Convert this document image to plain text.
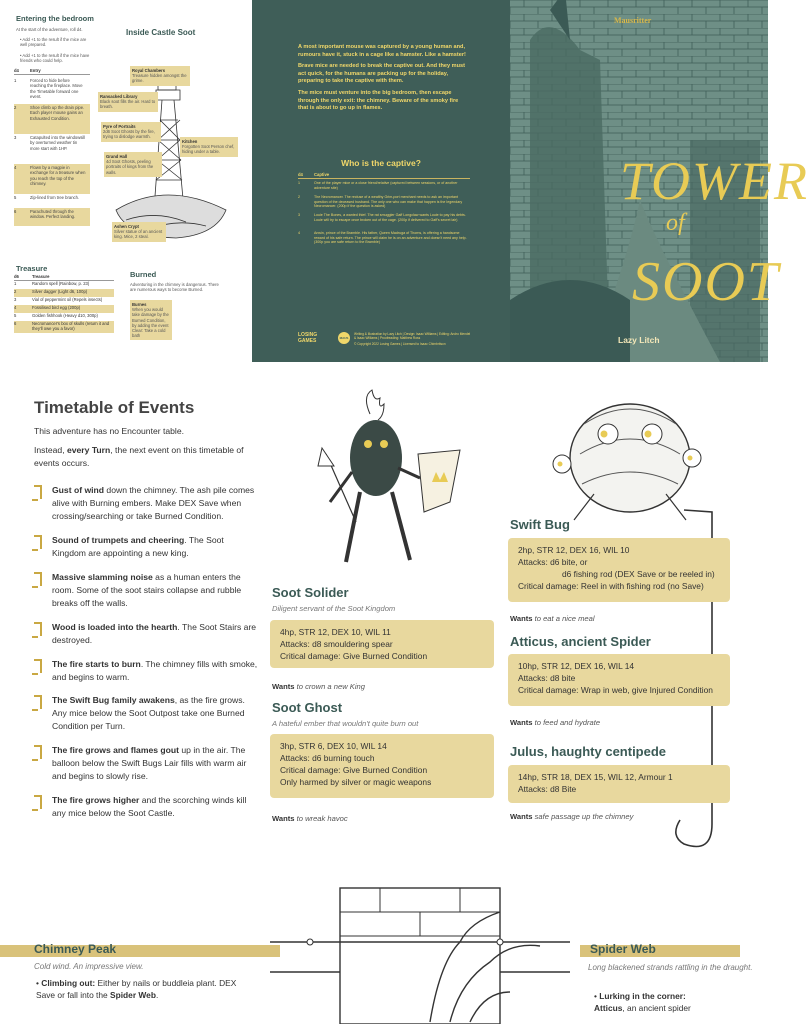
Entering the bedroom
At the start of the adventure, roll d4.
• Add +1 to the result if the mice are well prepared.
• Add +1 to the result if the mice have friends who could help.
d4	Entry
1	Forced to hide before reaching the fireplace. Move the Timetable forward one event.
2	Shoe climb up the drain pipe. Each player mouse gains an Exhausted Condition.
3	Catapulted into the windowsill by overturned weather tin more start with 1HP.
4	Flown by a magpie in exchange for a treasure when you reach the top of the chimney.
5	Zip-lined from tree branch.
6	Parachuted through the window. Perfect landing.
Inside Castle Soot
Royal Chambers
Treasure hidden amongst the grime.
Ransacked Library
Black soot fills the air. Hard to breath.
Pyre of Portraits
2d6 Soot Ghosts by the fire, trying to dislodge warmth.
Kitchen
Forgotten Soot Person chef, hiding under a table.
Grand Hall
4d Soot Ghosts, peeling portraits of kings from the walls.
Ashen Crypt
Silver statue of an ancient king. Mice, 2 steal.
Treasure
d6	Treasure
1	Random spell (Rainbow, p. 23)
2	Silver dagger (Light d6, 100p)
3	Vial of peppermint oil (Repels insects)
4	Fossilised bird egg (200p)
5	Golden fishhook (Heavy d10, 300p)
6	Necromancer's box of skulls (return it and they'll owe you a favor)
Burned
Adventuring in the chimney is dangerous. There are numerous ways to become Burned.
Burnes
When you would take damage by the Burned Condition, by adding the event
Clear: Take a cold bath

A most important mouse was captured by a young human and, rumours have it, stuck in a cage like a hamster. Like a hamster!

Brave mice are needed to break the captive out. And they must act quick, for the humans are packing up for the holiday, preparing to take the captive with them.

The mice must venture into the big bedroom, then escape through the only exit: the chimney. Beware of the smoky fire that is about to go up in flames.

Who is the captive?
d4	Captive
1	One of the player mice or a close friend/relative (captured between sessions, or of another adventure site)
2	The Necromancer. The recluse of a wealthy Grim-port merchant needs to ask an important question of the deceased husband. The only one who can make that happen is the legendary Necromancer. (200p if the question is asked)
3	Louie The Bones, a wanted thief. The rat smuggler Gaff Longclaw wants Louie to pay his debts. Louie will try to escape once broken out of the cage. (200p if delivered to Gaff's secret lair)
4	Anwin, prince of the Bramble. His father, Queen Madruga of Thorns, is offering a handsome reward of his safe return. The prince will claim he is on an adventure and doesn't need any help. (300p you are safe return to the Bramble)
LOSING GAMES	MAUS
Writing & Illustration by Lazy Litch | Design: Isaac Williams | Editing: Andro Mendel & Isaac Williams | Proofreading: Matthew Ross
© Copyright 2022 Losing Games | Licensed to Isaac Chimbritson
Mausritter
TOWER
of
SOOT
Lazy Litch
Timetable of Events
This adventure has no Encounter table.
Instead, every Turn, the next event on this timetable of events occurs.
Gust of wind down the chimney. The ash pile comes alive with Burning embers. Make DEX Save when crossing/searching or take Burned Condition.
Sound of trumpets and cheering. The Soot Kingdom are appointing a new king.
Massive slamming noise as a human enters the room. Some of the soot stairs collapse and rubble breaks off the walls.
Wood is loaded into the hearth. The Soot Stairs are destroyed.
The fire starts to burn. The chimney fills with smoke, and begins to warm.
The Swift Bug family awakens, as the fire grows. Any mice below the Soot Outpost take one Burned Condition per Turn.
The fire grows and flames gout up in the air. The balloon below the Swift Bugs Lair fills with warm air and begins to slowly rise.
The fire grows higher and the scorching winds kill any mice below the Soot Castle.
Soot Solider
Diligent servant of the Soot Kingdom
4hp, STR 12, DEX 10, WIL 11
Attacks: d8 smouldering spear
Critical damage: Give Burned Condition
Wants to crown a new King
Soot Ghost
A hateful ember that wouldn't quite burn out
3hp, STR 6, DEX 10, WIL 14
Attacks: d6 burning touch
Critical damage: Give Burned Condition
Only harmed by silver or magic weapons
Wants to wreak havoc
Swift Bug
2hp, STR 12, DEX 16, WIL 10
Attacks: d6 bite, or
d6 fishing rod (DEX Save or be reeled in)
Critical damage: Reel in with fishing rod (no Save)
Wants to eat a nice meal
Atticus, ancient Spider
10hp, STR 12, DEX 16, WIL 14
Attacks: d8 bite
Critical damage: Wrap in web, give Injured Condition
Wants to feed and hydrate
Julus, haughty centipede
14hp, STR 18, DEX 15, WIL 12, Armour 1
Attacks: d8 Bite
Wants safe passage up the chimney
Chimney Peak
Cold wind. An impressive view.
• Climbing out: Either by nails or buddleia plant. DEX Save or fall into the Spider Web.
Spider Web
Long blackened strands rattling in the draught.
• Lurking in the corner:
Atticus, an ancient spider
